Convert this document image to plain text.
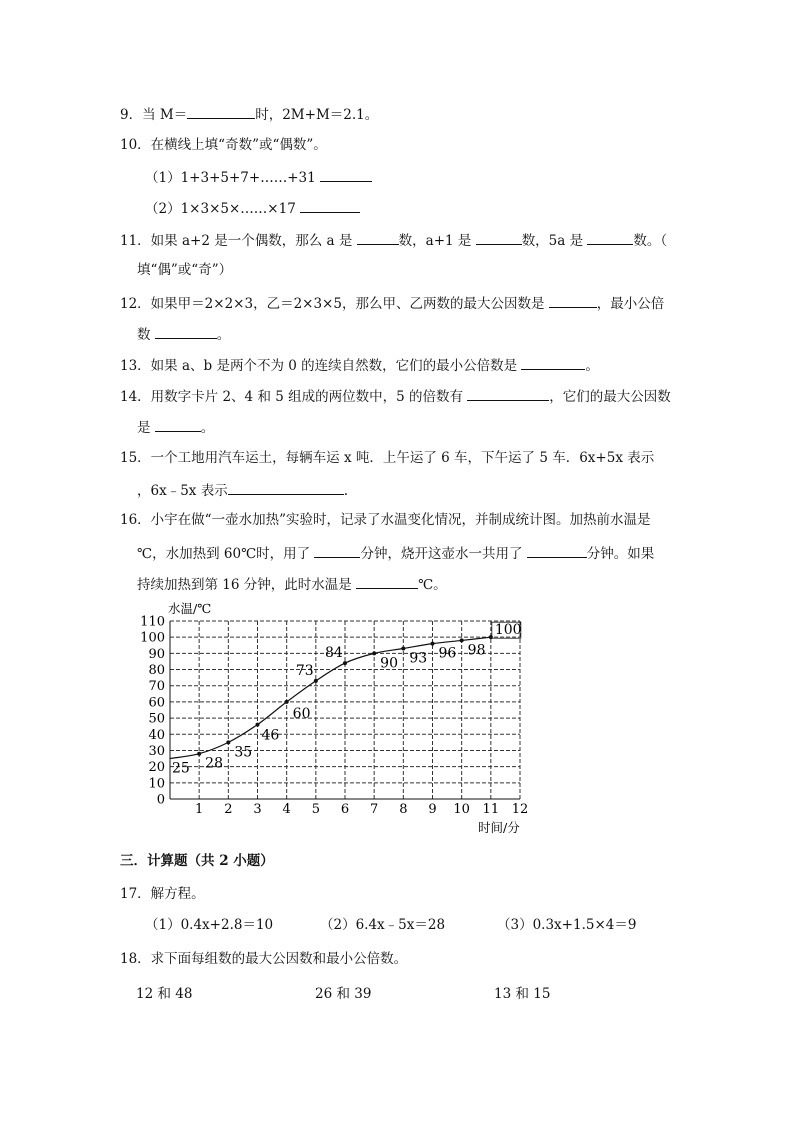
9．当 M＝	时，2M+M＝2.1。
10．在横线上填“奇数”或“偶数”。
（1）1+3+5+7+……+31
（2）1×3×5×……×17
11．如果 a+2 是一个偶数，那么 a 是	数，a+1 是	数，5a 是	数。（
填“偶”或“奇”）
12．如果甲＝2×2×3，乙＝2×3×5，那么甲、乙两数的最大公因数是	，最小公倍
数	。
13．如果 a、b 是两个不为 0 的连续自然数，它们的最小公倍数是	。
14．用数字卡片 2、4 和 5 组成的两位数中，5 的倍数有	，它们的最大公因数
是	。
15．一个工地用汽车运土，每辆车运 x 吨．上午运了 6 车，下午运了 5 车．6x+5x 表示
，6x﹣5x 表示	.
16．小宇在做“一壶水加热”实验时，记录了水温变化情况，并制成统计图。加热前水温是
℃，水加热到 60℃时，用了	分钟，烧开这壶水一共用了	分钟。如果
持续加热到第 16 分钟，此时水温是	℃。
0
10
20
30
40
50
60
70
80
90
100
110
1 2 3 4 5 6 7 8 9 10 11 12
25 28
35
46
60
73
84
90 93 96 98
100
水温/℃
时间/分
三．计算题（共 2 小题）
17．解方程。
（1）0.4x+2.8＝10	（2）6.4x﹣5x＝28	（3）0.3x+1.5×4＝9
18．求下面每组数的最大公因数和最小公倍数。
12 和 48	26 和 39	13 和 15
